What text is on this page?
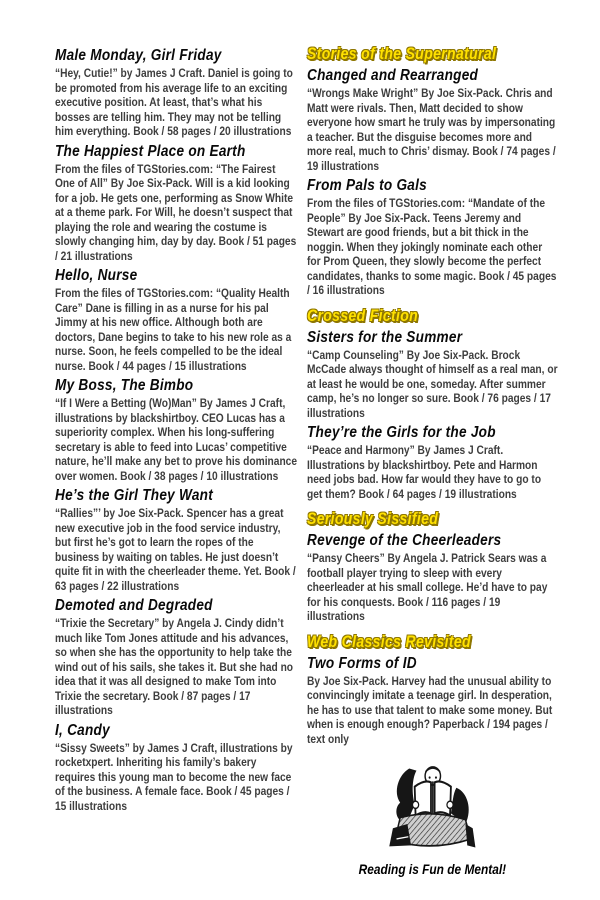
Male Monday, Girl Friday

“Hey, Cutie!” by James J Craft. Daniel is going to be promoted from his average life to an exciting executive position. At least, that’s what his bosses are telling him. They may not be telling him everything. Book / 58 pages / 20 illustrations

The Happiest Place on Earth

From the files of TGStories.com: “The Fairest One of All” By Joe Six-Pack. Will is a kid looking for a job. He gets one, performing as Snow White at a theme park. For Will, he doesn’t suspect that playing the role and wearing the costume is slowly changing him, day by day. Book / 51 pages / 21 illustrations

Hello, Nurse

From the files of TGStories.com: “Quality Health Care” Dane is filling in as a nurse for his pal Jimmy at his new office. Although both are doctors, Dane begins to take to his new role as a nurse. Soon, he feels compelled to be the ideal nurse. Book / 44 pages / 15 illustrations

My Boss, The Bimbo

“If I Were a Betting (Wo)Man” By James J Craft, illustrations by blackshirtboy. CEO Lucas has a superiority complex. When his long-suffering secretary is able to feed into Lucas’ competitive nature, he’ll make any bet to prove his dominance over women. Book / 38 pages / 10 illustrations

He’s the Girl They Want

“Rallies”’ by Joe Six-Pack. Spencer has a great new executive job in the food service industry, but first he’s got to learn the ropes of the business by waiting on tables. He just doesn’t quite fit in with the cheerleader theme. Yet. Book / 63 pages / 22 illustrations

Demoted and Degraded

“Trixie the Secretary” by Angela J. Cindy didn’t much like Tom Jones attitude and his advances, so when she has the opportunity to help take the wind out of his sails, she takes it. But she had no idea that it was all designed to make Tom into Trixie the secretary. Book / 87 pages / 17 illustrations

I, Candy

“Sissy Sweets” by James J Craft, illustrations by rocketxpert. Inheriting his family’s bakery requires this young man to become the new face of the business. A female face. Book / 45 pages / 15 illustrations

Stories of the Supernatural
Changed and Rearranged

“Wrongs Make Wright” By Joe Six-Pack. Chris and Matt were rivals. Then, Matt decided to show everyone how smart he truly was by impersonating a teacher. But the disguise becomes more and more real, much to Chris’ dismay. Book / 74 pages / 19 illustrations

From Pals to Gals

From the files of TGStories.com: “Mandate of the People” By Joe Six-Pack. Teens Jeremy and Stewart are good friends, but a bit thick in the noggin. When they jokingly nominate each other for Prom Queen, they slowly become the perfect candidates, thanks to some magic. Book / 45 pages / 16 illustrations

Crossed Fiction
Sisters for the Summer

“Camp Counseling” By Joe Six-Pack. Brock McCade always thought of himself as a real man, or at least he would be one, someday. After summer camp, he’s no longer so sure. Book / 76 pages / 17 illustrations

They’re the Girls for the Job

“Peace and Harmony” By James J Craft. Illustrations by blackshirtboy. Pete and Harmon need jobs bad. How far would they have to go to get them? Book / 64 pages / 19 illustrations

Seriously Sissified
Revenge of the Cheerleaders

“Pansy Cheers” By Angela J. Patrick Sears was a football player trying to sleep with every cheerleader at his small college. He’d have to pay for his conquests. Book / 116 pages / 19 illustrations

Web Classics Revisited
Two Forms of ID

By Joe Six-Pack. Harvey had the unusual ability to convincingly imitate a teenage girl. In desperation, he has to use that talent to make some money. But when is enough enough? Paperback / 194 pages / text only

Reading is Fun de Mental!
